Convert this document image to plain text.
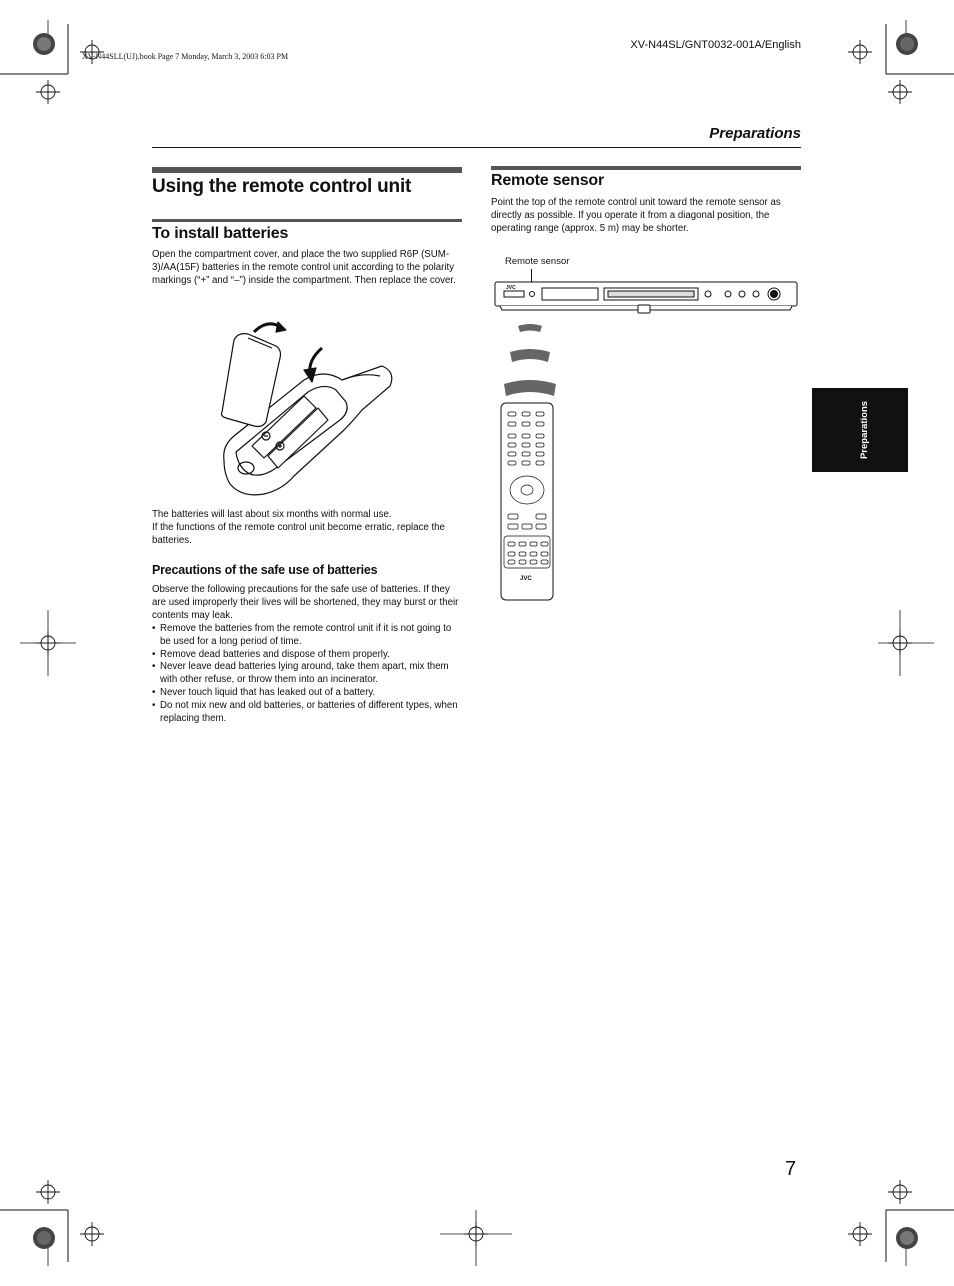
XV-N44SLL(UJ).book Page 7 Monday, March 3, 2003 6:03 PM
XV-N44SL/GNT0032-001A/English
Preparations
Using the remote control unit
To install batteries
Open the compartment cover, and place the two supplied R6P (SUM-3)/AA(15F) batteries in the remote control unit according to the polarity markings (“+” and “–”) inside the compartment. Then replace the cover.
The batteries will last about six months with normal use.
If the functions of the remote control unit become erratic, replace the batteries.
Precautions of the safe use of batteries
Observe the following precautions for the safe use of batteries. If they are used improperly their lives will be shortened, they may burst or their contents may leak.
• Remove the batteries from the remote control unit if it is not going to be used for a long period of time.
• Remove dead batteries and dispose of them properly.
• Never leave dead batteries lying around, take them apart, mix them with other refuse, or throw them into an incinerator.
• Never touch liquid that has leaked out of a battery.
• Do not mix new and old batteries, or batteries of different types, when replacing them.
Remote sensor
Point the top of the remote control unit toward the remote sensor as directly as possible. If you operate it from a diagonal position, the operating range (approx. 5 m) may be shorter.
Remote sensor
JVC
JVC
Preparations
7
